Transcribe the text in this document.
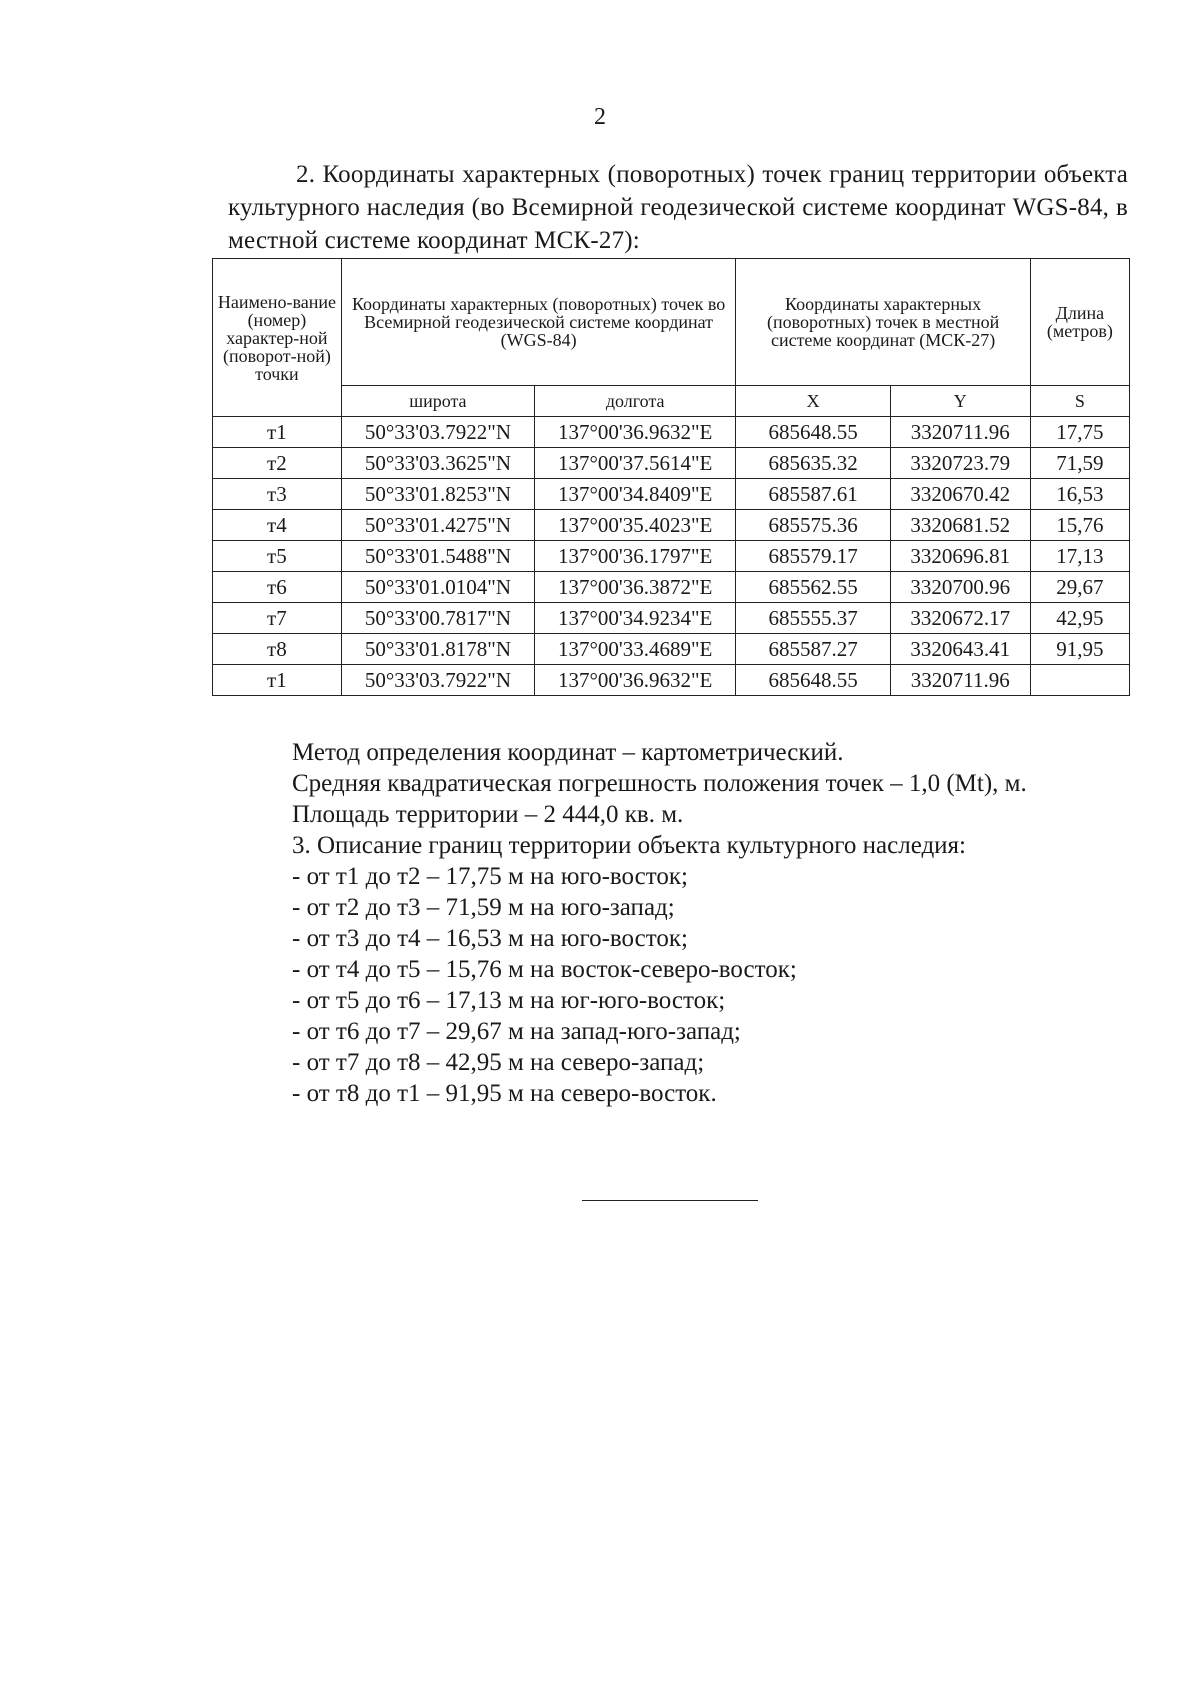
2
2. Координаты характерных (поворотных) точек границ территории объекта культурного наследия (во Всемирной геодезической системе координат WGS-84, в местной системе координат МСК-27):
Наимено-вание (номер) характер-ной (поворот-ной) точки	Координаты характерных (поворотных) точек во Всемирной геодезической системе координат (WGS-84)		Координаты характерных (поворотных) точек в местной системе координат (МСК-27)		Длина (метров)
	широта	долгота	X	Y	S
т1	50°33'03.7922"N	137°00'36.9632"E	685648.55	3320711.96	17,75
т2	50°33'03.3625"N	137°00'37.5614"E	685635.32	3320723.79	71,59
т3	50°33'01.8253"N	137°00'34.8409"E	685587.61	3320670.42	16,53
т4	50°33'01.4275"N	137°00'35.4023"E	685575.36	3320681.52	15,76
т5	50°33'01.5488"N	137°00'36.1797"E	685579.17	3320696.81	17,13
т6	50°33'01.0104"N	137°00'36.3872"E	685562.55	3320700.96	29,67
т7	50°33'00.7817"N	137°00'34.9234"E	685555.37	3320672.17	42,95
т8	50°33'01.8178"N	137°00'33.4689"E	685587.27	3320643.41	91,95
т1	50°33'03.7922"N	137°00'36.9632"E	685648.55	3320711.96	
Метод определения координат – картометрический.
Средняя квадратическая погрешность положения точек – 1,0 (Mt), м.
Площадь территории – 2 444,0 кв. м.
3. Описание границ территории объекта культурного наследия:
- от т1 до т2 – 17,75 м на юго-восток;
- от т2 до т3 – 71,59 м на юго-запад;
- от т3 до т4 – 16,53 м на юго-восток;
- от т4 до т5 – 15,76 м на восток-северо-восток;
- от т5 до т6 – 17,13 м на юг-юго-восток;
- от т6 до т7 – 29,67 м на запад-юго-запад;
- от т7 до т8 – 42,95 м на северо-запад;
- от т8 до т1 – 91,95 м на северо-восток.
